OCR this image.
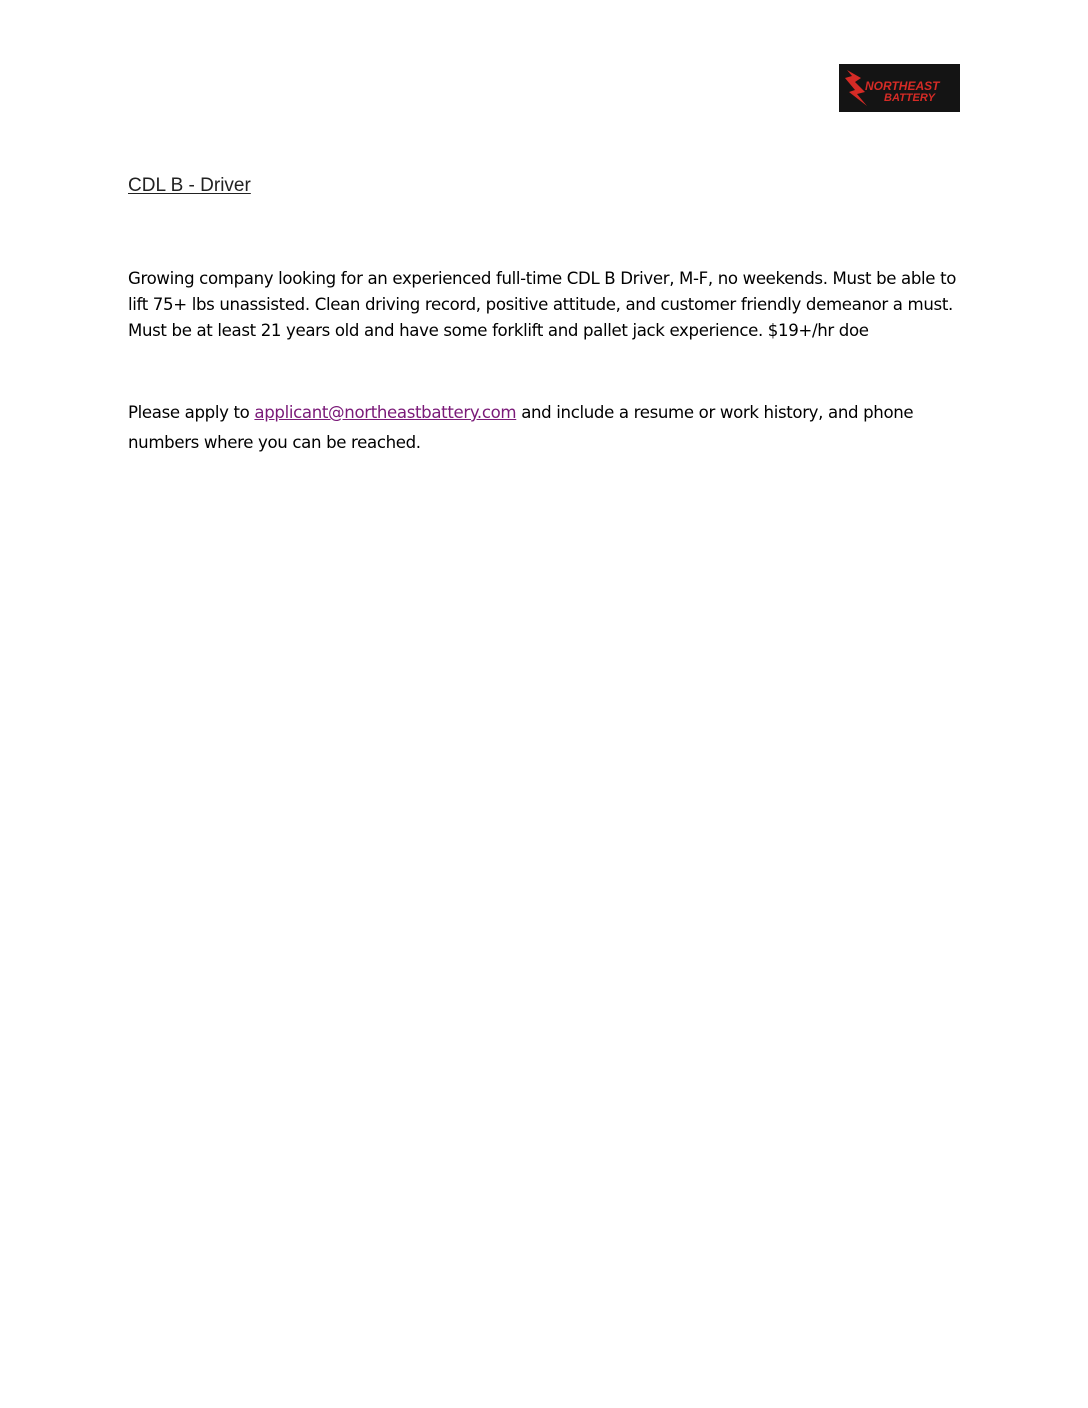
NORTHEAST
BATTERY
CDL B - Driver

Growing company looking for an experienced full-time CDL B Driver, M-F, no weekends. Must be able to lift 75+ lbs unassisted. Clean driving record, positive attitude, and customer friendly demeanor a must. Must be at least 21 years old and have some forklift and pallet jack experience. $19+/hr doe

Please apply to applicant@northeastbattery.com and include a resume or work history, and phone numbers where you can be reached.
